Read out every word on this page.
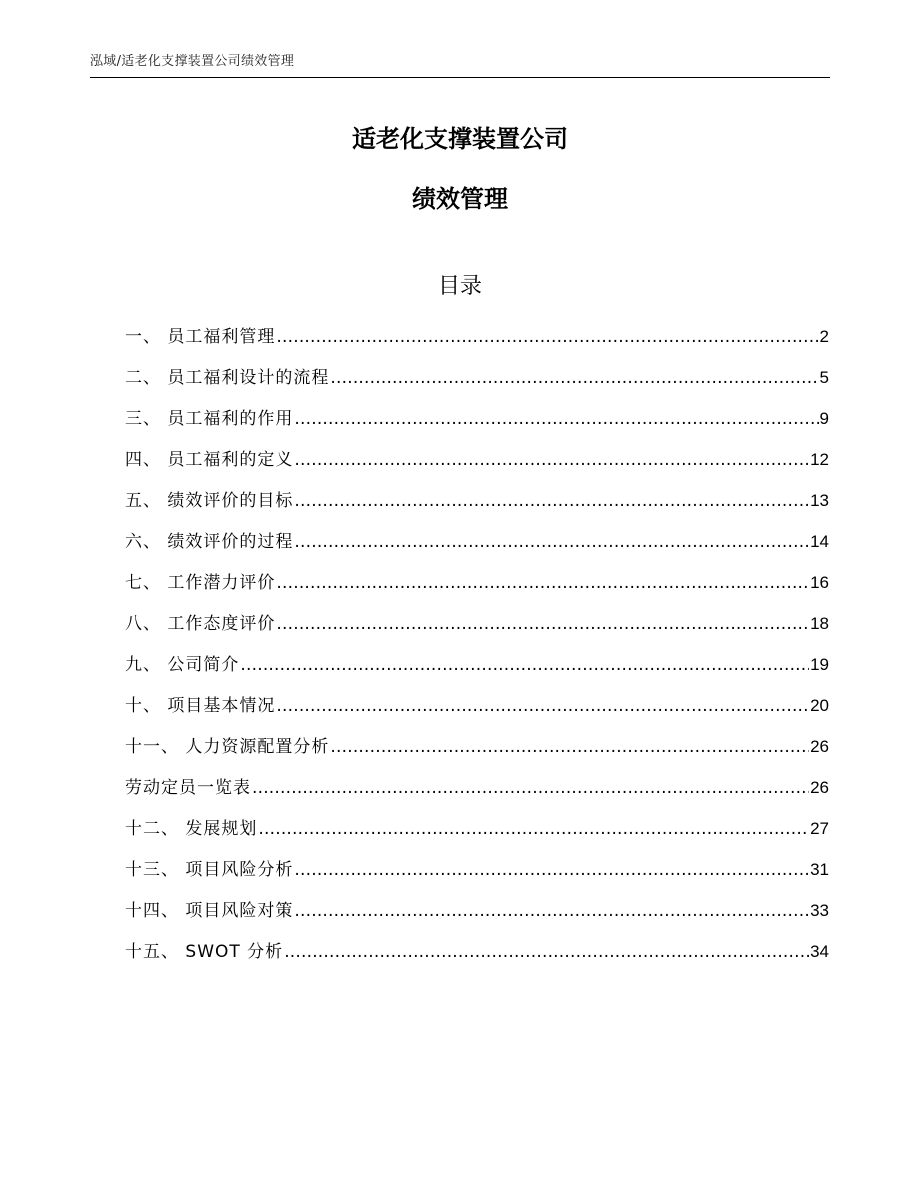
泓域/适老化支撑装置公司绩效管理
适老化支撑装置公司
绩效管理
目录
一、 员工福利管理 .....	2
二、 员工福利设计的流程 .....	5
三、 员工福利的作用 .....	9
四、 员工福利的定义 .....	12
五、 绩效评价的目标 .....	13
六、 绩效评价的过程 .....	14
七、 工作潜力评价 .....	16
八、 工作态度评价 .....	18
九、 公司简介 .....	19
十、 项目基本情况 .....	20
十一、 人力资源配置分析 .....	26
劳动定员一览表 .....	26
十二、 发展规划 .....	27
十三、 项目风险分析 .....	31
十四、 项目风险对策 .....	33
十五、 SWOT 分析 .....	34
